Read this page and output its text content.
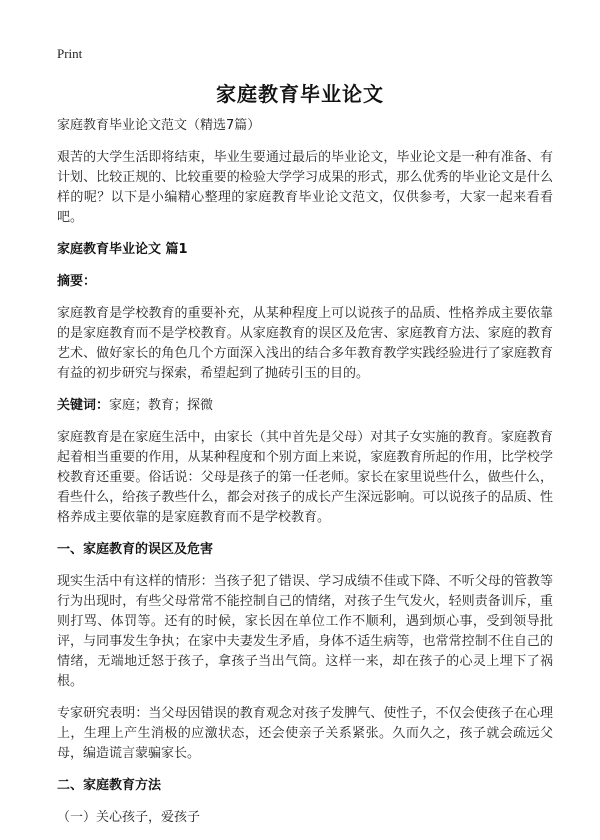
Print
家庭教育毕业论文

家庭教育毕业论文范文（精选7篇）

艰苦的大学生活即将结束，毕业生要通过最后的毕业论文，毕业论文是一种有准备、有计划、比较正规的、比较重要的检验大学学习成果的形式，那么优秀的毕业论文是什么样的呢？以下是小编精心整理的家庭教育毕业论文范文，仅供参考，大家一起来看看吧。

家庭教育毕业论文 篇1
摘要：

家庭教育是学校教育的重要补充，从某种程度上可以说孩子的品质、性格养成主要依靠的是家庭教育而不是学校教育。从家庭教育的误区及危害、家庭教育方法、家庭的教育艺术、做好家长的角色几个方面深入浅出的结合多年教育教学实践经验进行了家庭教育有益的初步研究与探索，希望起到了抛砖引玉的目的。

关键词：家庭；教育；探微

家庭教育是在家庭生活中，由家长（其中首先是父母）对其子女实施的教育。家庭教育起着相当重要的作用，从某种程度和个别方面上来说，家庭教育所起的作用，比学校学校教育还重要。俗话说：父母是孩子的第一任老师。家长在家里说些什么，做些什么，看些什么，给孩子教些什么，都会对孩子的成长产生深远影响。可以说孩子的品质、性格养成主要依靠的是家庭教育而不是学校教育。

一、家庭教育的误区及危害

现实生活中有这样的情形：当孩子犯了错误、学习成绩不佳或下降、不听父母的管教等行为出现时，有些父母常常不能控制自己的情绪，对孩子生气发火，轻则责备训斥，重则打骂、体罚等。还有的时候，家长因在单位工作不顺利，遇到烦心事，受到领导批评，与同事发生争执；在家中夫妻发生矛盾，身体不适生病等，也常常控制不住自己的情绪，无端地迁怒于孩子，拿孩子当出气筒。这样一来，却在孩子的心灵上埋下了祸根。

专家研究表明：当父母因错误的教育观念对孩子发脾气、使性子，不仅会使孩子在心理上，生理上产生消极的应激状态，还会使亲子关系紧张。久而久之，孩子就会疏远父母，编造谎言蒙骗家长。

二、家庭教育方法

（一）关心孩子，爱孩子
